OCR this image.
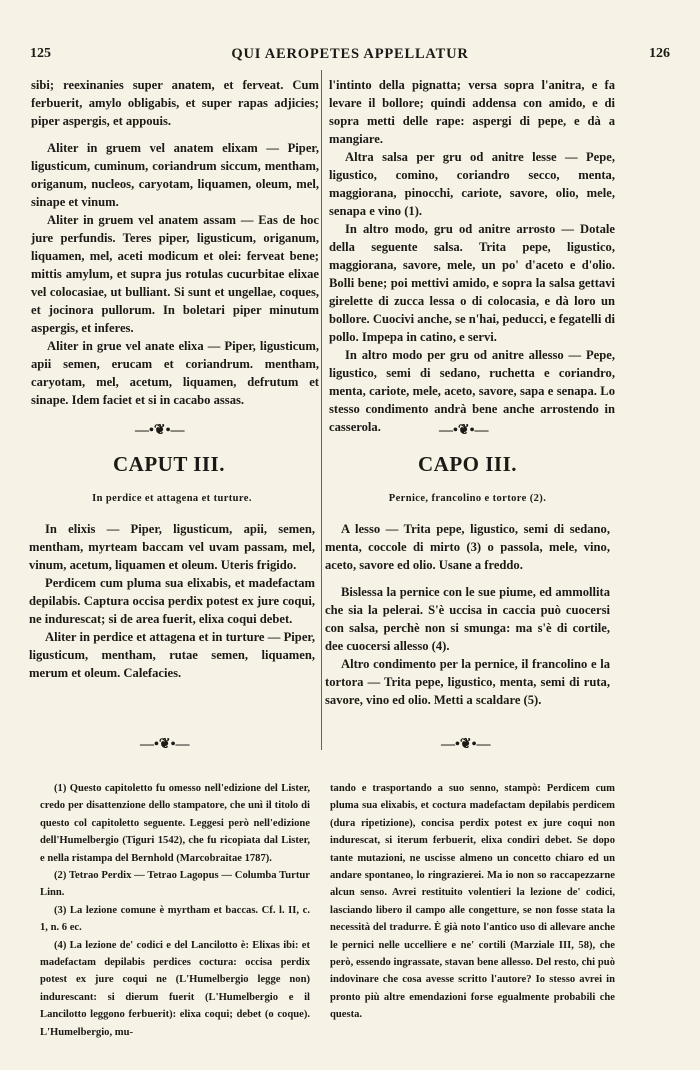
125	QUI AEROPETES APPELLATUR	126

sibi; reexinanies super anatem, et ferveat. Cum ferbuerit, amylo obligabis, et super rapas adjicies; piper aspergis, et appouis.

Aliter in gruem vel anatem elixam — Piper, ligusticum, cuminum, coriandrum siccum, mentham, origanum, nucleos, caryotam, liquamen, oleum, mel, sinape et vinum.

Aliter in gruem vel anatem assam — Eas de hoc jure perfundis. Teres piper, ligusticum, origanum, liquamen, mel, aceti modicum et olei: ferveat bene; mittis amylum, et supra jus rotulas cucurbitae elixae vel colocasiae, ut bulliant. Si sunt et ungellae, coques, et jocinora pullorum. In boletari piper minutum aspergis, et inferes.

Aliter in grue vel anate elixa — Piper, ligusticum, apii semen, erucam et coriandrum. mentham, caryotam, mel, acetum, liquamen, defrutum et sinape. Idem faciet et si in cacabo assas.

l'intinto della pignatta; versa sopra l'anitra, e fa levare il bollore; quindi addensa con amido, e di sopra metti delle rape: aspergi di pepe, e dà a mangiare.

Altra salsa per gru od anitre lesse — Pepe, ligustico, comino, coriandro secco, menta, maggiorana, pinocchi, cariote, savore, olio, mele, senapa e vino (1).

In altro modo, gru od anitre arrosto — Dotale della seguente salsa. Trita pepe, ligustico, maggiorana, savore, mele, un po' d'aceto e d'olio. Bolli bene; poi mettivi amido, e sopra la salsa gettavi girelette di zucca lessa o di colocasia, e dà loro un bollore. Cuocivi anche, se n'hai, peducci, e fegatelli di pollo. Impepa in catino, e servi.

In altro modo per gru od anitre allesso — Pepe, ligustico, semi di sedano, ruchetta e coriandro, menta, cariote, mele, aceto, savore, sapa e senapa. Lo stesso condimento andrà bene anche arrostendo in casserola.

—•❦•—	—•❦•—
CAPUT III.	CAPO III.
In perdice et attagena et turture.	Pernice, francolino e tortore (2).

In elixis — Piper, ligusticum, apii, semen, mentham, myrteam baccam vel uvam passam, mel, vinum, acetum, liquamen et oleum. Uteris frigido.

Perdicem cum pluma sua elixabis, et madefactam depilabis. Captura occisa perdix potest ex jure coqui, ne indurescat; si de area fuerit, elixa coqui debet.

Aliter in perdice et attagena et in turture — Piper, ligusticum, mentham, rutae semen, liquamen, merum et oleum. Calefacies.

A lesso — Trita pepe, ligustico, semi di sedano, menta, coccole di mirto (3) o passola, mele, vino, aceto, savore ed olio. Usane a freddo.

Bislessa la pernice con le sue piume, ed ammollita che sia la pelerai. S'è uccisa in caccia può cuocersi con salsa, perchè non si smunga: ma s'è di cortile, dee cuocersi allesso (4).

Altro condimento per la pernice, il francolino e la tortora — Trita pepe, ligustico, menta, semi di ruta, savore, vino ed olio. Metti a scaldare (5).

—•❦•—	—•❦•—

(1) Questo capitoletto fu omesso nell'edizione del Lister, credo per disattenzione dello stampatore, che unì il titolo di questo col capitoletto seguente. Leggesi però nell'edizione dell'Humelbergio (Tiguri 1542), che fu ricopiata dal Lister, e nella ristampa del Bernhold (Marcobraitae 1787).

(2) Tetrao Perdix — Tetrao Lagopus — Columba Turtur Linn.

(3) La lezione comune è myrtham et baccas. Cf. l. II, c. 1, n. 6 ec.

(4) La lezione de' codici e del Lancilotto è: Elixas ibi: et madefactam depilabis perdices coctura: occisa perdix potest ex jure coqui ne (L'Humelbergio legge non) indurescant: si dierum fuerit (L'Humelbergio e il Lancilotto leggono ferbuerit): elixa coqui; debet (o coque). L'Humelbergio, mu-

tando e trasportando a suo senno, stampò: Perdicem cum pluma sua elixabis, et coctura madefactam depilabis perdicem (dura ripetizione), concisa perdix potest ex jure coqui non indurescat, si iterum ferbuerit, elixa condiri debet. Se dopo tante mutazioni, ne uscisse almeno un concetto chiaro ed un andare spontaneo, lo ringrazierei. Ma io non so raccapezzarne alcun senso. Avrei restituito volentieri la lezione de' codici, lasciando libero il campo alle congetture, se non fosse stata la necessità del tradurre. È già noto l'antico uso di allevare anche le pernici nelle uccelliere e ne' cortili (Marziale III, 58), che però, essendo ingrassate, stavan bene allesso. Del resto, chi può indovinare che cosa avesse scritto l'autore? Io stesso avrei in pronto più altre emendazioni forse egualmente probabili che questa.
